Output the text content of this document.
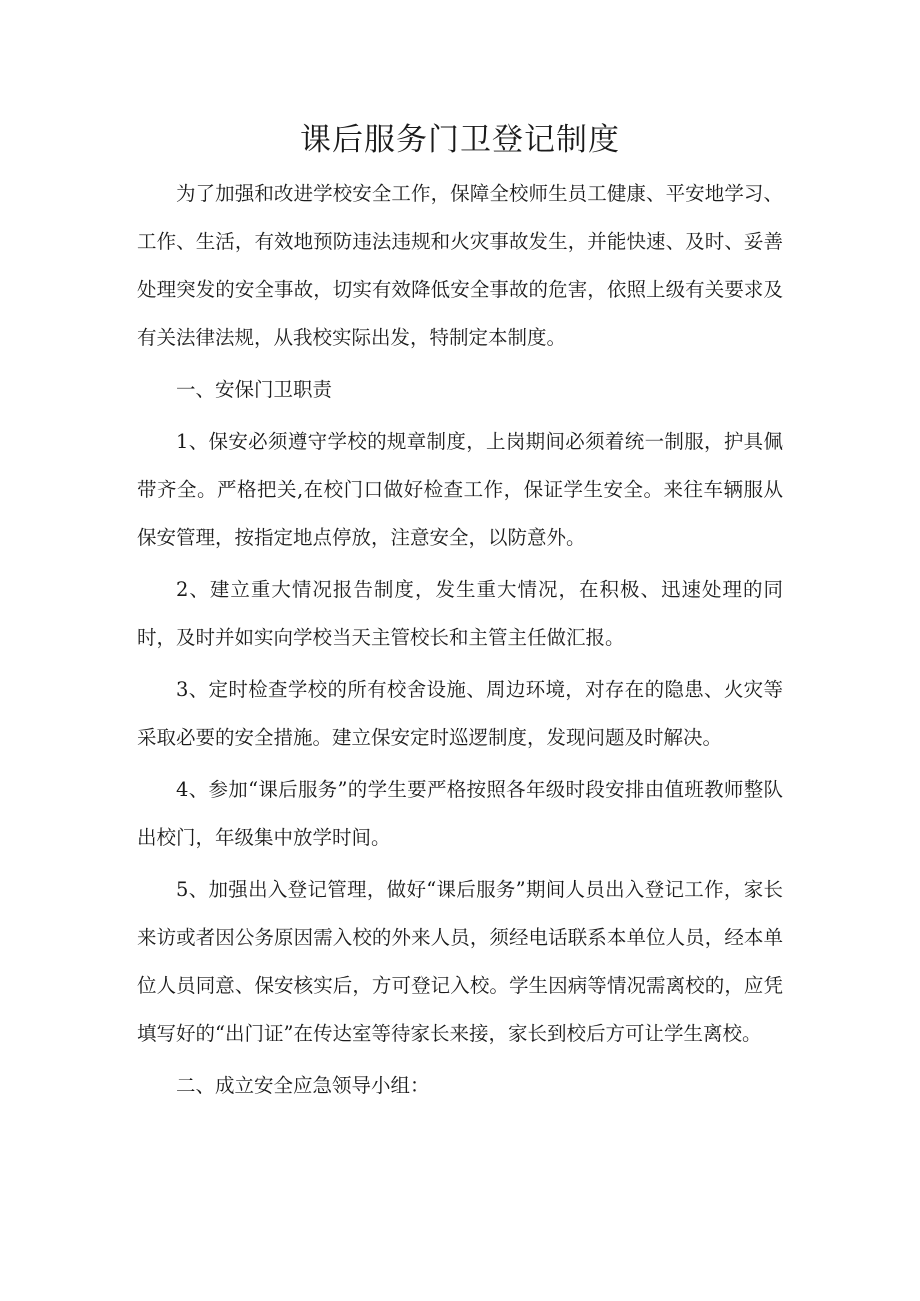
课后服务门卫登记制度

为了加强和改进学校安全工作，保障全校师生员工健康、平安地学习、工作、生活，有效地预防违法违规和火灾事故发生，并能快速、及时、妥善处理突发的安全事故，切实有效降低安全事故的危害，依照上级有关要求及有关法律法规，从我校实际出发，特制定本制度。

一、安保门卫职责

1、保安必须遵守学校的规章制度，上岗期间必须着统一制服，护具佩带齐全。严格把关,在校门口做好检查工作，保证学生安全。来往车辆服从保安管理，按指定地点停放，注意安全，以防意外。

2、建立重大情况报告制度，发生重大情况，在积极、迅速处理的同时，及时并如实向学校当天主管校长和主管主任做汇报。

3、定时检查学校的所有校舍设施、周边环境，对存在的隐患、火灾等采取必要的安全措施。建立保安定时巡逻制度，发现问题及时解决。

4、参加“课后服务”的学生要严格按照各年级时段安排由值班教师整队出校门，年级集中放学时间。

5、加强出入登记管理，做好“课后服务”期间人员出入登记工作，家长来访或者因公务原因需入校的外来人员，须经电话联系本单位人员，经本单位人员同意、保安核实后，方可登记入校。学生因病等情况需离校的，应凭填写好的“出门证”在传达室等待家长来接，家长到校后方可让学生离校。

二、成立安全应急领导小组：
